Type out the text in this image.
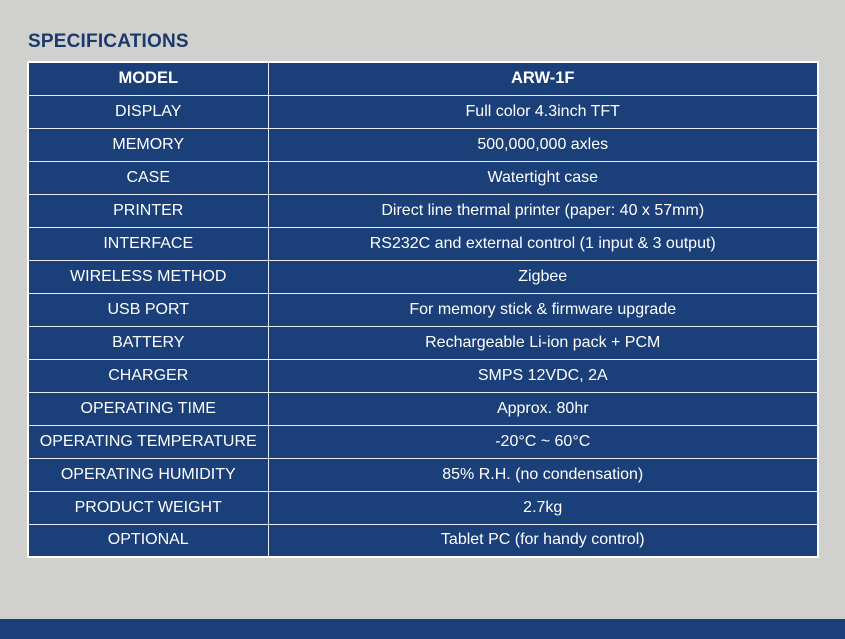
SPECIFICATIONS
MODEL	ARW-1F
DISPLAY	Full color 4.3inch TFT
MEMORY	500,000,000 axles
CASE	Watertight case
PRINTER	Direct line thermal printer (paper: 40 x 57mm)
INTERFACE	RS232C and external control (1 input & 3 output)
WIRELESS METHOD	Zigbee
USB PORT	For memory stick & firmware upgrade
BATTERY	Rechargeable Li-ion pack + PCM
CHARGER	SMPS 12VDC, 2A
OPERATING TIME	Approx. 80hr
OPERATING TEMPERATURE	-20°C ~ 60°C
OPERATING HUMIDITY	85% R.H. (no condensation)
PRODUCT WEIGHT	2.7kg
OPTIONAL	Tablet PC (for handy control)
